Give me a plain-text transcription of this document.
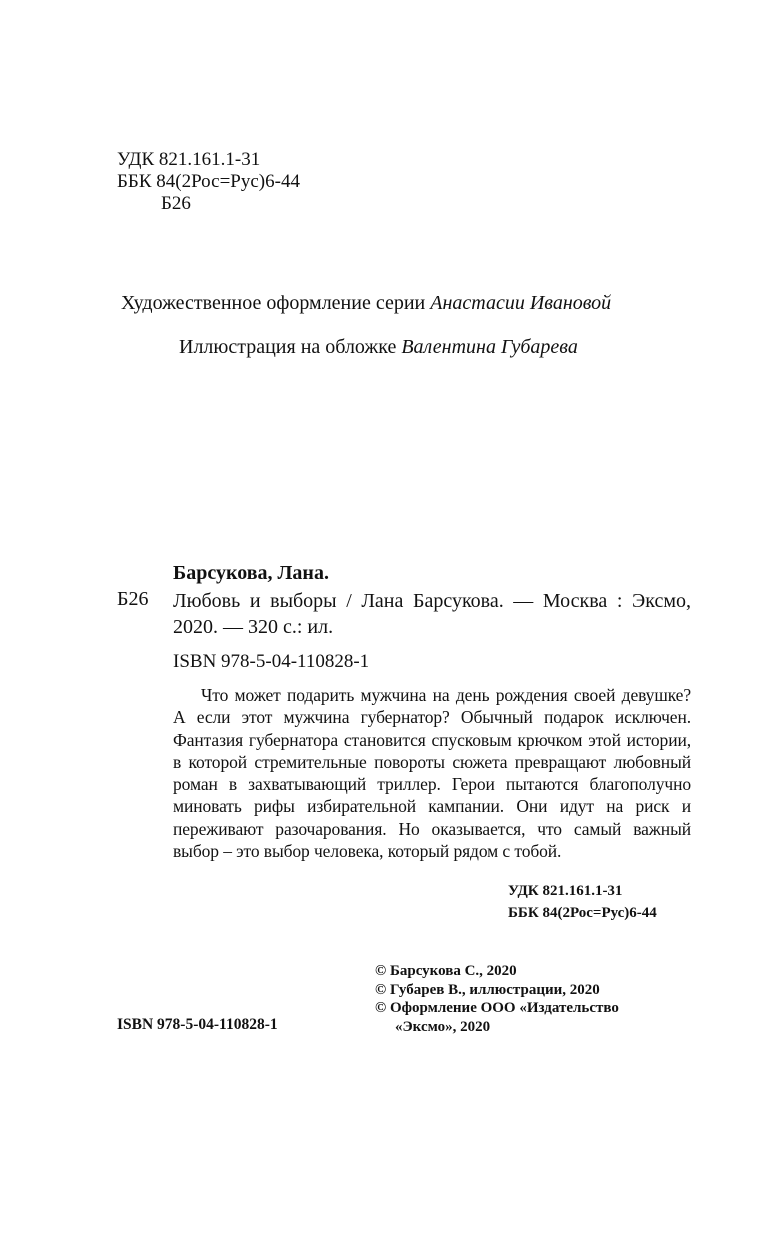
УДК 821.161.1-31
ББК 84(2Рос=Рус)6-44
Б26
Художественное оформление серии Анастасии Ивановой
Иллюстрация на обложке Валентина Губарева
Барсукова, Лана.
Б26 Любовь и выборы / Лана Барсукова. — Москва : Эксмо, 2020. — 320 с.: ил.
ISBN 978-5-04-110828-1

Что может подарить мужчина на день рождения своей девушке? А если этот мужчина губернатор? Обычный подарок исключен. Фантазия губернатора становится спусковым крючком этой истории, в которой стремительные повороты сюжета превращают любовный роман в захватывающий триллер. Герои пытаются благополучно миновать рифы избирательной кампании. Они идут на риск и переживают разочарования. Но оказывается, что самый важный выбор – это выбор человека, который рядом с тобой.

УДК 821.161.1-31
ББК 84(2Рос=Рус)6-44
© Барсукова С., 2020
© Губарев В., иллюстрации, 2020
© Оформление ООО «Издательство
«Эксмо», 2020
ISBN 978-5-04-110828-1
